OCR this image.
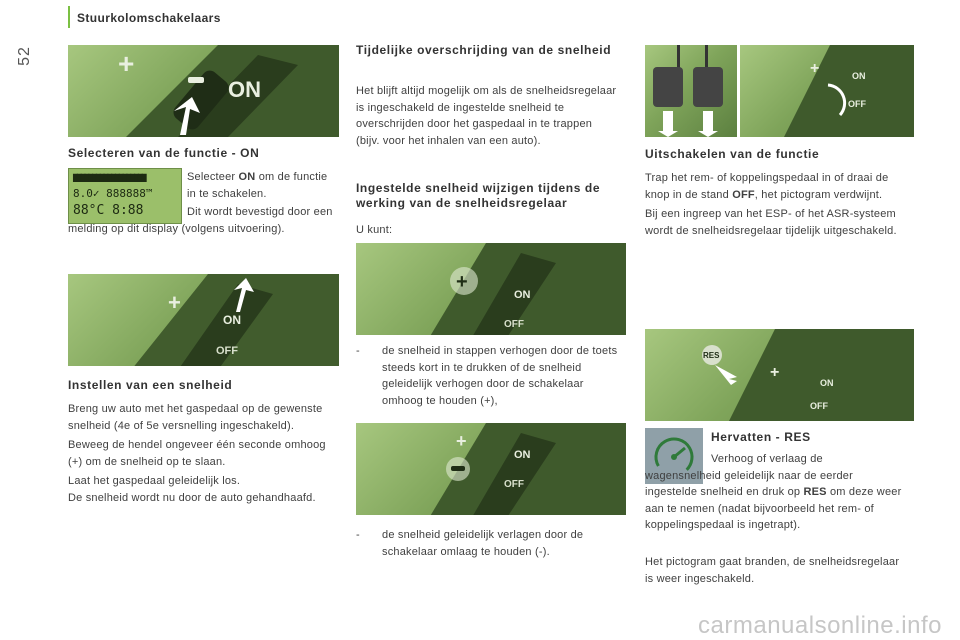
52
Stuurkolomschakelaars
+
ON
Selecteren van de functie - ON
▇▇▇▇▇▇▇▇▇▇▇▇▇▇▇▇▇▇▇
8.0✓ 888888™
88°C 8:88

Selecteer ON om de functie in te schakelen.

Dit wordt bevestigd door een melding op dit display (volgens uitvoering).
+
ON
OFF
Instellen van een snelheid

Breng uw auto met het gaspedaal op de gewenste snelheid (4e of 5e versnelling ingeschakeld).

Beweeg de hendel ongeveer één seconde omhoog (+) om de snelheid op te slaan.

Laat het gaspedaal geleidelijk los.

De snelheid wordt nu door de auto gehandhaafd.

Tijdelijke overschrijding van de snelheid
Het blijft altijd mogelijk om als de snelheidsregelaar is ingeschakeld de ingestelde snelheid te overschrijden door het gaspedaal in te trappen (bijv. voor het inhalen van een auto).
Ingestelde snelheid wijzigen tijdens de werking van de snelheidsregelaar
U kunt:
+
ON
OFF
-	de snelheid in stappen verhogen door de toets steeds kort in te drukken of de snelheid geleidelijk verhogen door de schakelaar omhoog te houden (+),
+
ON
OFF
-	de snelheid geleidelijk verlagen door de schakelaar omlaag te houden (-).
+	ON
OFF
Uitschakelen van de functie

Trap het rem- of koppelingspedaal in of draai de knop in de stand OFF, het pictogram verdwijnt.

Bij een ingreep van het ESP- of het ASR-systeem wordt de snelheidsregelaar tijdelijk uitgeschakeld.

RES
+
ON
OFF
Hervatten - RES
Verhoog of verlaag de wagensnelheid geleidelijk naar de eerder ingestelde snelheid en druk op RES om deze weer aan te nemen (nadat bijvoorbeeld het rem- of koppelingspedaal is ingetrapt).
Het pictogram gaat branden, de snelheidsregelaar is weer ingeschakeld.
carmanualsonline.info
